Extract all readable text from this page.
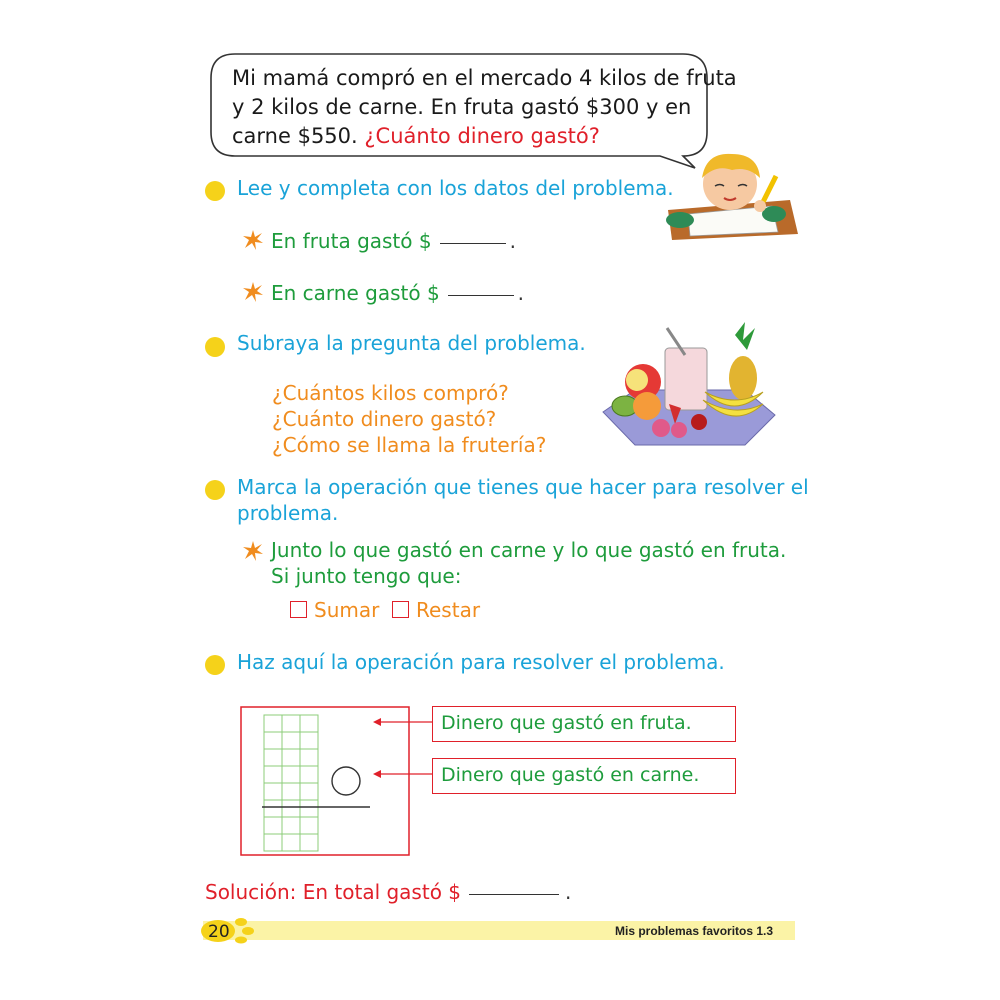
Mi mamá compró en el mercado 4 kilos de fruta
y 2 kilos de carne. En fruta gastó $300 y en
carne $550. ¿Cuánto dinero gastó?
Lee y completa con los datos del problema.
En fruta gastó $	.
En carne gastó $	.
Subraya la pregunta del problema.
¿Cuántos kilos compró?
¿Cuánto dinero gastó?
¿Cómo se llama la frutería?
Marca la operación que tienes que hacer para resolver el
problema.
Junto lo que gastó en carne y lo que gastó en fruta.
Si junto tengo que:
Sumar	Restar
Haz aquí la operación para resolver el problema.
Dinero que gastó en fruta.
Dinero que gastó en carne.
Solución: En total gastó $	.
20	Mis problemas favoritos 1.3
